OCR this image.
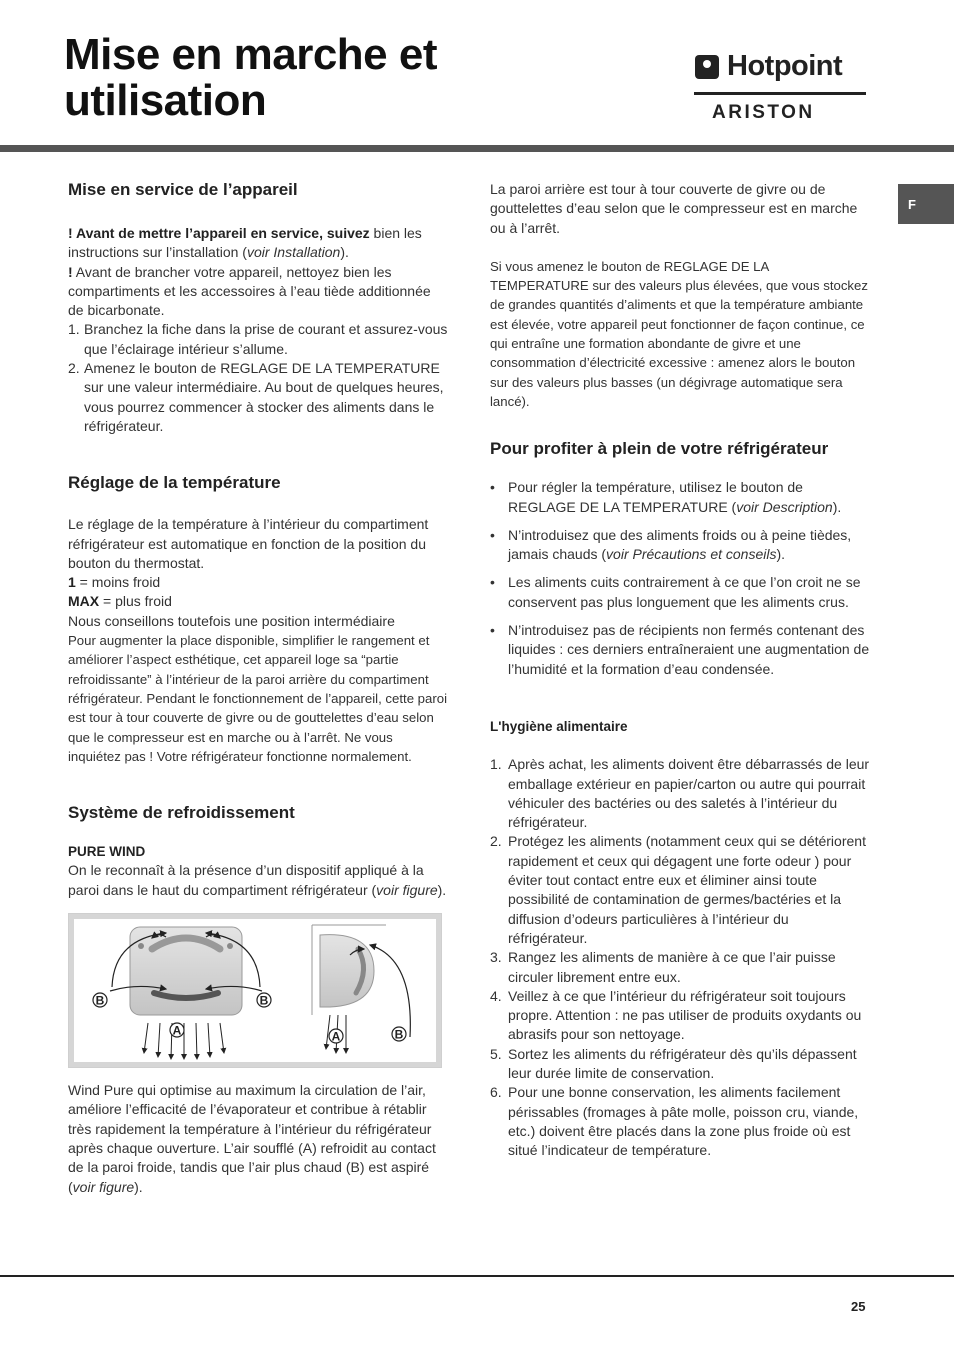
Mise en marche et
utilisation
Hotpoint
ARISTON
F
Mise en service de l’appareil

! Avant de mettre l’appareil en service, suivez bien les instructions sur l’installation (voir Installation).

! Avant de brancher votre appareil, nettoyez bien les compartiments et les accessoires à l’eau tiède additionnée de bicarbonate.

1. Branchez la fiche dans la prise de courant et assurez-vous que l’éclairage intérieur s’allume.
2. Amenez le bouton de REGLAGE DE LA TEMPERATURE sur une valeur intermédiaire. Au bout de quelques heures, vous pourrez commencer à stocker des aliments dans le réfrigérateur.
Réglage de la température

Le réglage de la température à l’intérieur du compartiment réfrigérateur est automatique en fonction de la position du bouton du thermostat.

1 = moins froid

MAX = plus froid

Nous conseillons toutefois une position intermédiaire

Pour augmenter la place disponible, simplifier le rangement et améliorer l’aspect esthétique, cet appareil loge sa “partie refroidissante” à l’intérieur de la paroi arrière du compartiment réfrigérateur. Pendant le fonctionnement de l’appareil, cette paroi est tour à tour couverte de givre ou de gouttelettes d’eau selon que le compresseur est en marche ou à l’arrêt. Ne vous inquiétez pas ! Votre réfrigérateur fonctionne normalement.

Système de refroidissement

PURE WIND

On le reconnaît à la présence d’un dispositif appliqué à la paroi dans le haut du compartiment réfrigérateur (voir figure).

B	B
A	A	B

Wind Pure qui optimise au maximum la circulation de l’air, améliore l’efficacité de l’évaporateur et contribue à rétablir très rapidement la température à l’intérieur du réfrigérateur après chaque ouverture. L’air soufflé (A) refroidit au contact de la paroi froide, tandis que l’air plus chaud (B) est aspiré (voir figure).

La paroi arrière est tour à tour couverte de givre ou de gouttelettes d’eau selon que le compresseur est en marche ou à l’arrêt.

Si vous amenez le bouton de REGLAGE DE LA TEMPERATURE sur des valeurs plus élevées, que vous stockez de grandes quantités d’aliments et que la température ambiante est élevée, votre appareil peut fonctionner de façon continue, ce qui entraîne une formation abondante de givre et une consommation d’électricité excessive : amenez alors le bouton sur des valeurs plus basses (un dégivrage automatique sera lancé).

Pour profiter à plein de votre réfrigérateur
• Pour régler la température, utilisez le bouton de REGLAGE DE LA TEMPERATURE (voir Description).
• N’introduisez que des aliments froids ou à peine tièdes, jamais chauds (voir Précautions et conseils).
• Les aliments cuits contrairement à ce que l’on croit ne se conservent pas plus longuement que les aliments crus.
• N’introduisez pas de récipients non fermés contenant des liquides : ces derniers entraîneraient une augmentation de l’humidité et la formation d’eau condensée.

L'hygiène alimentaire

1. Après achat, les aliments doivent être débarrassés de leur emballage extérieur en papier/carton ou autre qui pourrait véhiculer des bactéries ou des saletés à l’intérieur du réfrigérateur.
2. Protégez les aliments (notamment ceux qui se détériorent rapidement et ceux qui dégagent une forte odeur ) pour éviter tout contact entre eux et éliminer ainsi toute possibilité de contamination de germes/bactéries et la diffusion d’odeurs particulières à l’intérieur du réfrigérateur.
3. Rangez les aliments de manière à ce que l’air puisse circuler librement entre eux.
4. Veillez à ce que l’intérieur du réfrigérateur soit toujours propre. Attention : ne pas utiliser de produits oxydants ou abrasifs pour son nettoyage.
5. Sortez les aliments du réfrigérateur dès qu’ils dépassent leur durée limite de conservation.
6. Pour une bonne conservation, les aliments facilement périssables (fromages à pâte molle, poisson cru, viande, etc.) doivent être placés dans la zone plus froide où est situé l’indicateur de température.
25
